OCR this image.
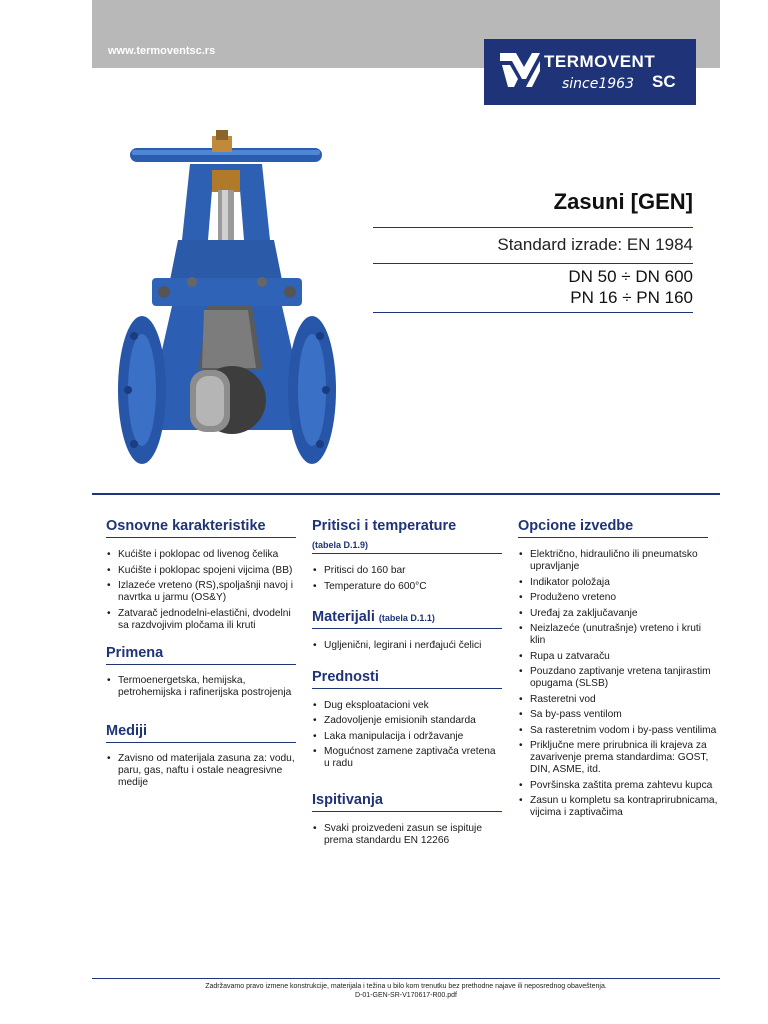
www.termoventsc.rs
TERMOVENT
since1963 SC
Zasuni [GEN]
Standard izrade: EN 1984
DN 50 ÷ DN 600
PN 16 ÷ PN 160
Osnovne karakteristike
• Kućište i poklopac od livenog čelika
• Kućište i poklopac spojeni vijcima (BB)
• Izlazeće vreteno (RS),spoljašnji navoj i navrtka u jarmu (OS&Y)
• Zatvarač jednodelni-elastični, dvodelni sa razdvojivim pločama ili kruti
Primena
• Termoenergetska, hemijska, petrohemijska i rafinerijska postrojenja
Mediji
• Zavisno od materijala zasuna za: vodu, paru, gas, naftu i ostale neagresivne medije
Pritisci i temperature
(tabela D.1.9)
• Pritisci do 160 bar
• Temperature do 600°C
Materijali (tabela D.1.1)
• Ugljenični, legirani i nerđajući čelici
Prednosti
• Dug eksploatacioni vek
• Zadovoljenje emisionih standarda
• Laka manipulacija i održavanje
• Mogućnost zamene zaptivača vretena u radu
Ispitivanja
• Svaki proizvedeni zasun se ispituje prema standardu EN 12266
Opcione izvedbe
• Električno, hidraulično ili pneumatsko upravljanje
• Indikator položaja
• Produženo vreteno
• Uređaj za zaključavanje
• Neizlazeće (unutrašnje) vreteno i kruti klin
• Rupa u zatvaraču
• Pouzdano zaptivanje vretena tanjirastim opugama (SLSB)
• Rasteretni vod
• Sa by-pass ventilom
• Sa rasteretnim vodom i by-pass ventilima
• Priključne mere prirubnica ili krajeva za zavarivenje prema standardima: GOST, DIN, ASME, itd.
• Površinska zaštita prema zahtevu kupca
• Zasun u kompletu sa kontraprirubnicama, vijcima i zaptivačima
Zadržavamo pravo izmene konstrukcije, materijala i težina u bilo kom trenutku bez prethodne najave ili neposrednog obaveštenja.
D-01-GEN-SR-V170617-R00.pdf
